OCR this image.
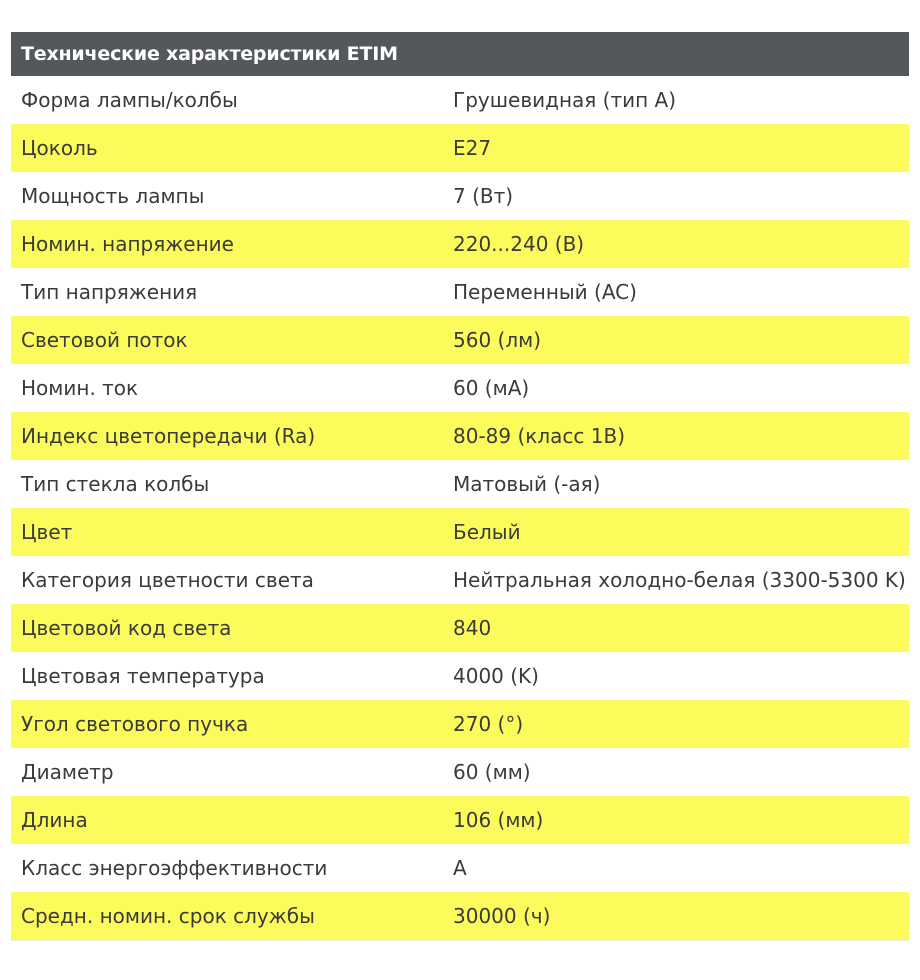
Технические характеристики ETIM
Форма лампы/колбы	Грушевидная (тип A)
Цоколь	E27
Мощность лампы	7 (Вт)
Номин. напряжение	220...240 (В)
Тип напряжения	Переменный (AC)
Световой поток	560 (лм)
Номин. ток	60 (мА)
Индекс цветопередачи (Ra)	80-89 (класс 1B)
Тип стекла колбы	Матовый (-ая)
Цвет	Белый
Категория цветности света	Нейтральная холодно-белая (3300-5300 K)
Цветовой код света	840
Цветовая температура	4000 (K)
Угол светового пучка	270 (°)
Диаметр	60 (мм)
Длина	106 (мм)
Класс энергоэффективности	A
Средн. номин. срок службы	30000 (ч)
